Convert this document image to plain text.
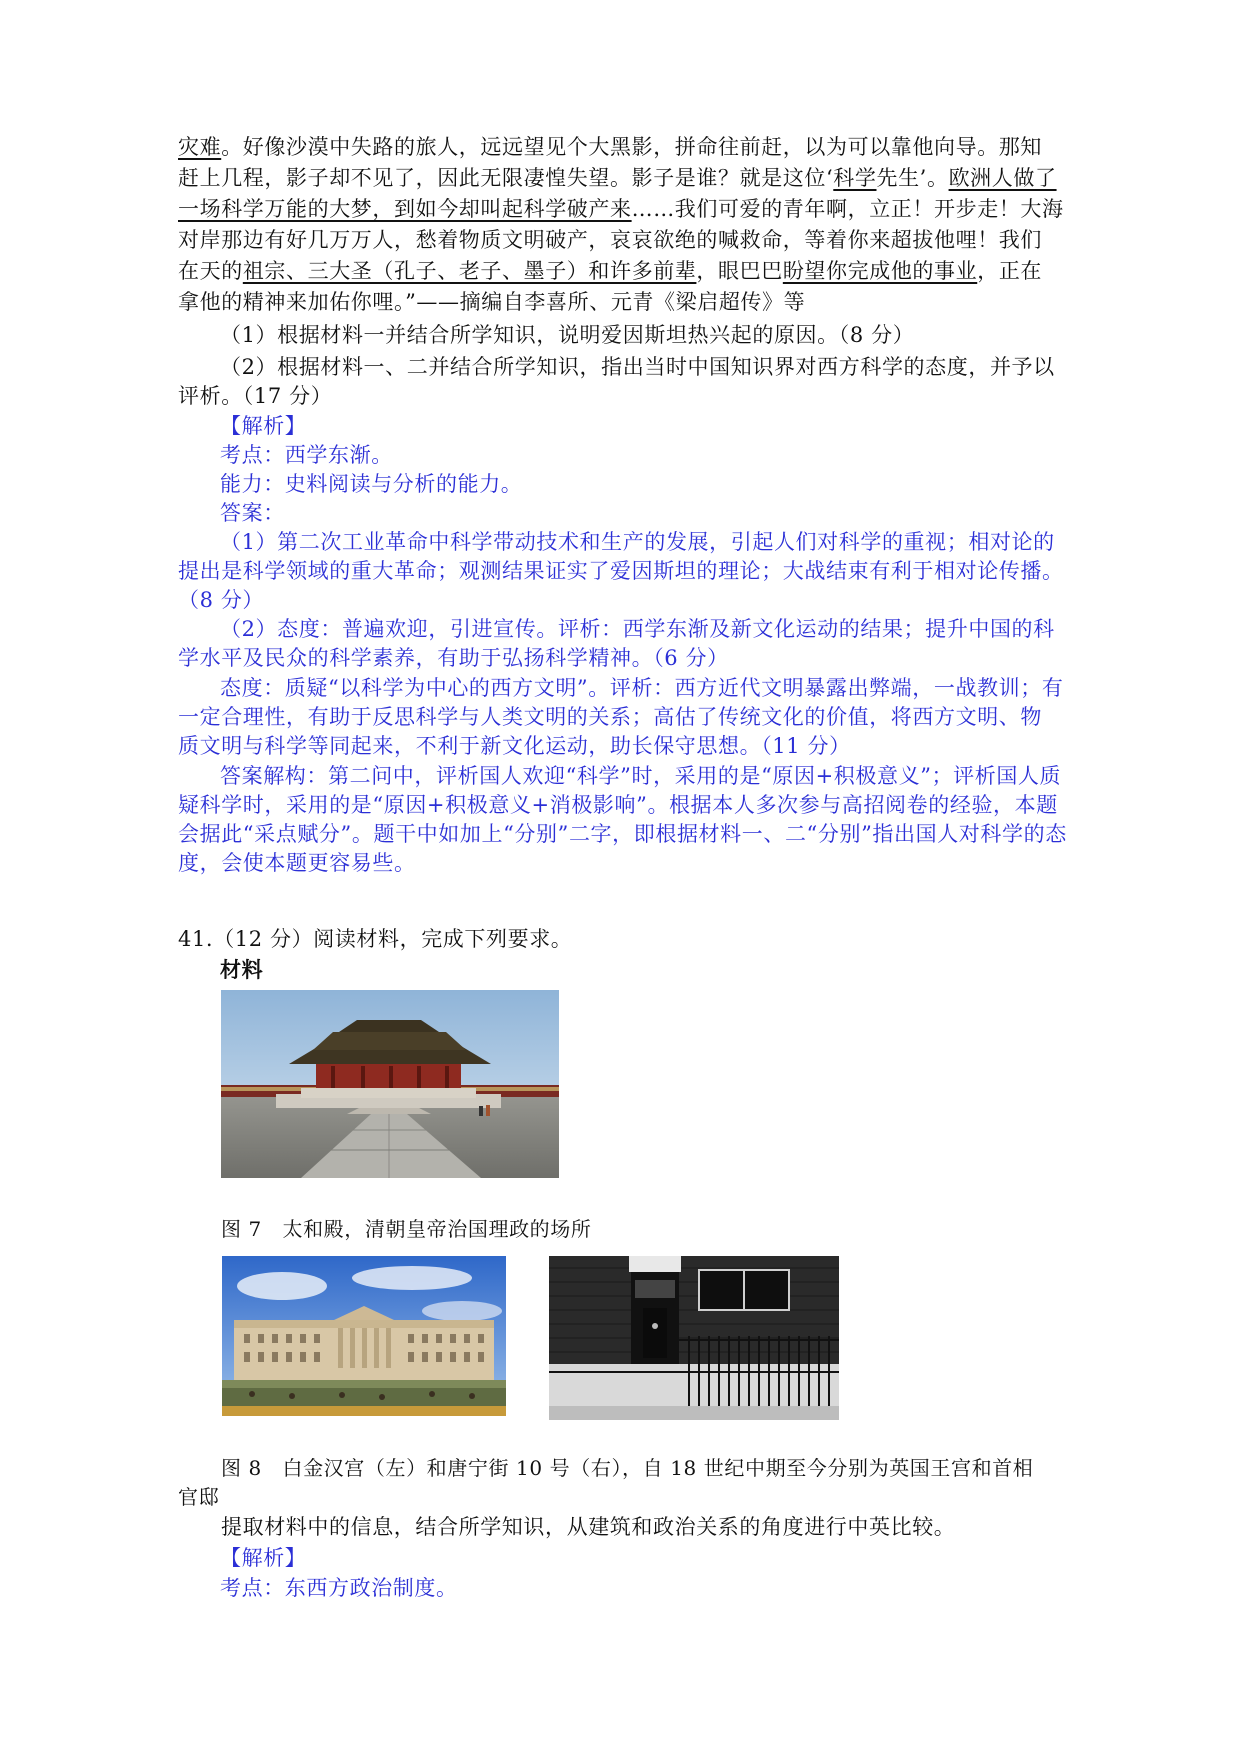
灾难。好像沙漠中失路的旅人，远远望见个大黑影，拼命往前赶，以为可以靠他向导。那知
赶上几程，影子却不见了，因此无限凄惶失望。影子是谁？就是这位‘科学先生’。欧洲人做了
一场科学万能的大梦，到如今却叫起科学破产来……我们可爱的青年啊，立正！开步走！大海
对岸那边有好几万万人，愁着物质文明破产，哀哀欲绝的喊救命，等着你来超拔他哩！我们
在天的祖宗、三大圣（孔子、老子、墨子）和许多前辈，眼巴巴盼望你完成他的事业，正在
拿他的精神来加佑你哩。”——摘编自李喜所、元青《梁启超传》等
（1）根据材料一并结合所学知识，说明爱因斯坦热兴起的原因。（8 分）
（2）根据材料一、二并结合所学知识，指出当时中国知识界对西方科学的态度，并予以
评析。（17 分）
【解析】
考点：西学东渐。
能力：史料阅读与分析的能力。
答案：
（1）第二次工业革命中科学带动技术和生产的发展，引起人们对科学的重视；相对论的
提出是科学领域的重大革命；观测结果证实了爱因斯坦的理论；大战结束有利于相对论传播。
（8 分）
（2）态度：普遍欢迎，引进宣传。评析：西学东渐及新文化运动的结果；提升中国的科
学水平及民众的科学素养，有助于弘扬科学精神。（6 分）
态度：质疑“以科学为中心的西方文明”。评析：西方近代文明暴露出弊端，一战教训；有
一定合理性，有助于反思科学与人类文明的关系；高估了传统文化的价值，将西方文明、物
质文明与科学等同起来，不利于新文化运动，助长保守思想。（11 分）
答案解构：第二问中，评析国人欢迎“科学”时，采用的是“原因+积极意义”；评析国人质
疑科学时，采用的是“原因+积极意义+消极影响”。根据本人多次参与高招阅卷的经验，本题
会据此“采点赋分”。题干中如加上“分别”二字，即根据材料一、二“分别”指出国人对科学的态
度，会使本题更容易些。
41.（12 分）阅读材料，完成下列要求。
材料
图 7　太和殿，清朝皇帝治国理政的场所
图 8　白金汉宫（左）和唐宁街 10 号（右），自 18 世纪中期至今分别为英国王宫和首相
官邸
提取材料中的信息，结合所学知识，从建筑和政治关系的角度进行中英比较。
【解析】
考点：东西方政治制度。
